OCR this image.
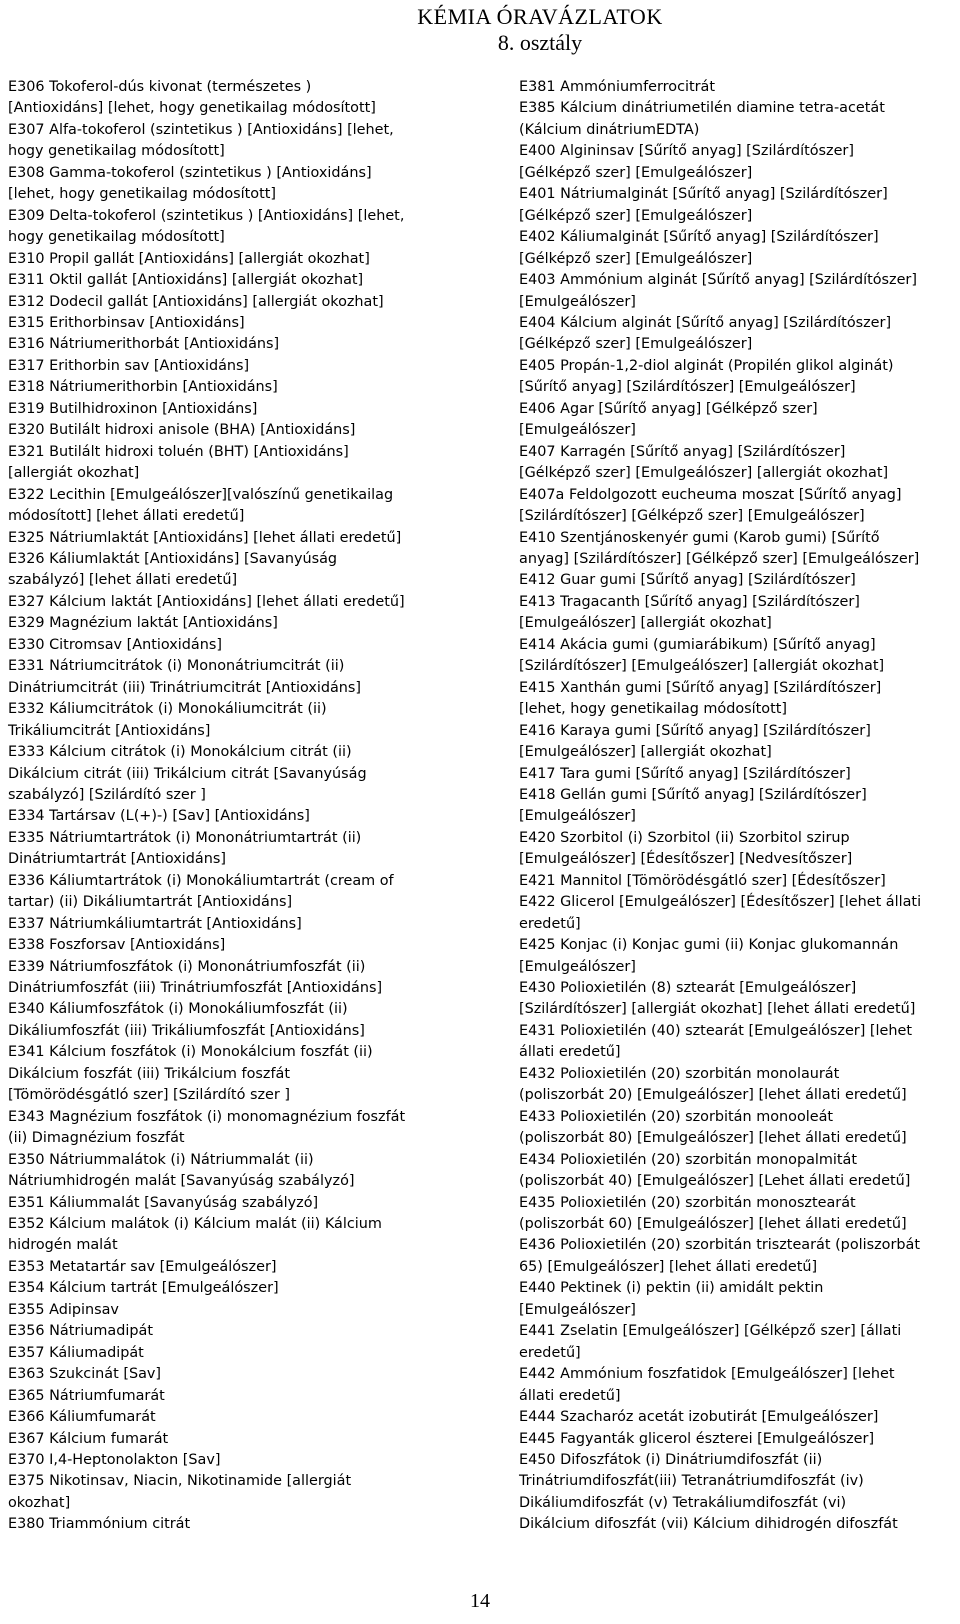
KÉMIA ÓRAVÁZLATOK
8. osztály
E306 Tokoferol-dús kivonat (természetes )
[Antioxidáns] [lehet, hogy genetikailag módosított]
E307 Alfa-tokoferol (szintetikus ) [Antioxidáns] [lehet,
hogy genetikailag módosított]
E308 Gamma-tokoferol (szintetikus ) [Antioxidáns]
[lehet, hogy genetikailag módosított]
E309 Delta-tokoferol (szintetikus ) [Antioxidáns] [lehet,
hogy genetikailag módosított]
E310 Propil gallát [Antioxidáns] [allergiát okozhat]
E311 Oktil gallát [Antioxidáns] [allergiát okozhat]
E312 Dodecil gallát [Antioxidáns] [allergiát okozhat]
E315 Erithorbinsav [Antioxidáns]
E316 Nátriumerithorbát [Antioxidáns]
E317 Erithorbin sav [Antioxidáns]
E318 Nátriumerithorbin [Antioxidáns]
E319 Butilhidroxinon [Antioxidáns]
E320 Butilált hidroxi anisole (BHA) [Antioxidáns]
E321 Butilált hidroxi toluén (BHT) [Antioxidáns]
[allergiát okozhat]
E322 Lecithin [Emulgeálószer][valószínű genetikailag
módosított] [lehet állati eredetű]
E325 Nátriumlaktát [Antioxidáns] [lehet állati eredetű]
E326 Káliumlaktát [Antioxidáns] [Savanyúság
szabályzó] [lehet állati eredetű]
E327 Kálcium laktát [Antioxidáns] [lehet állati eredetű]
E329 Magnézium laktát [Antioxidáns]
E330 Citromsav [Antioxidáns]
E331 Nátriumcitrátok (i) Mononátriumcitrát (ii)
Dinátriumcitrát (iii) Trinátriumcitrát [Antioxidáns]
E332 Káliumcitrátok (i) Monokáliumcitrát (ii)
Trikáliumcitrát [Antioxidáns]
E333 Kálcium citrátok (i) Monokálcium citrát (ii)
Dikálcium citrát (iii) Trikálcium citrát [Savanyúság
szabályzó] [Szilárdító szer ]
E334 Tartársav (L(+)-) [Sav] [Antioxidáns]
E335 Nátriumtartrátok (i) Mononátriumtartrát (ii)
Dinátriumtartrát [Antioxidáns]
E336 Káliumtartrátok (i) Monokáliumtartrát (cream of
tartar) (ii) Dikáliumtartrát [Antioxidáns]
E337 Nátriumkáliumtartrát [Antioxidáns]
E338 Foszforsav [Antioxidáns]
E339 Nátriumfoszfátok (i) Mononátriumfoszfát (ii)
Dinátriumfoszfát (iii) Trinátriumfoszfát [Antioxidáns]
E340 Káliumfoszfátok (i) Monokáliumfoszfát (ii)
Dikáliumfoszfát (iii) Trikáliumfoszfát [Antioxidáns]
E341 Kálcium foszfátok (i) Monokálcium foszfát (ii)
Dikálcium foszfát (iii) Trikálcium foszfát
[Tömörödésgátló szer] [Szilárdító szer ]
E343 Magnézium foszfátok (i) monomagnézium foszfát
(ii) Dimagnézium foszfát
E350 Nátriummalátok (i) Nátriummalát (ii)
Nátriumhidrogén malát [Savanyúság szabályzó]
E351 Káliummalát [Savanyúság szabályzó]
E352 Kálcium malátok (i) Kálcium malát (ii) Kálcium
hidrogén malát
E353 Metatartár sav [Emulgeálószer]
E354 Kálcium tartrát [Emulgeálószer]
E355 Adipinsav
E356 Nátriumadipát
E357 Káliumadipát
E363 Szukcinát [Sav]
E365 Nátriumfumarát
E366 Káliumfumarát
E367 Kálcium fumarát
E370 I,4-Heptonolakton [Sav]
E375 Nikotinsav, Niacin, Nikotinamide [allergiát
okozhat]
E380 Triammónium citrát
E381 Ammóniumferrocitrát
E385 Kálcium dinátriumetilén diamine tetra-acetát
(Kálcium dinátriumEDTA)
E400 Algininsav [Sűrítő anyag] [Szilárdítószer]
[Gélképző szer] [Emulgeálószer]
E401 Nátriumalginát [Sűrítő anyag] [Szilárdítószer]
[Gélképző szer] [Emulgeálószer]
E402 Káliumalginát [Sűrítő anyag] [Szilárdítószer]
[Gélképző szer] [Emulgeálószer]
E403 Ammónium alginát [Sűrítő anyag] [Szilárdítószer]
[Emulgeálószer]
E404 Kálcium alginát [Sűrítő anyag] [Szilárdítószer]
[Gélképző szer] [Emulgeálószer]
E405 Propán-1,2-diol alginát (Propilén glikol alginát)
[Sűrítő anyag] [Szilárdítószer] [Emulgeálószer]
E406 Agar [Sűrítő anyag] [Gélképző szer]
[Emulgeálószer]
E407 Karragén [Sűrítő anyag] [Szilárdítószer]
[Gélképző szer] [Emulgeálószer] [allergiát okozhat]
E407a Feldolgozott eucheuma moszat [Sűrítő anyag]
[Szilárdítószer] [Gélképző szer] [Emulgeálószer]
E410 Szentjánoskenyér gumi (Karob gumi) [Sűrítő
anyag] [Szilárdítószer] [Gélképző szer] [Emulgeálószer]
E412 Guar gumi [Sűrítő anyag] [Szilárdítószer]
E413 Tragacanth [Sűrítő anyag] [Szilárdítószer]
[Emulgeálószer] [allergiát okozhat]
E414 Akácia gumi (gumiarábikum) [Sűrítő anyag]
[Szilárdítószer] [Emulgeálószer] [allergiát okozhat]
E415 Xanthán gumi [Sűrítő anyag] [Szilárdítószer]
[lehet, hogy genetikailag módosított]
E416 Karaya gumi [Sűrítő anyag] [Szilárdítószer]
[Emulgeálószer] [allergiát okozhat]
E417 Tara gumi [Sűrítő anyag] [Szilárdítószer]
E418 Gellán gumi [Sűrítő anyag] [Szilárdítószer]
[Emulgeálószer]
E420 Szorbitol (i) Szorbitol (ii) Szorbitol szirup
[Emulgeálószer] [Édesítőszer] [Nedvesítőszer]
E421 Mannitol [Tömörödésgátló szer] [Édesítőszer]
E422 Glicerol [Emulgeálószer] [Édesítőszer] [lehet állati
eredetű]
E425 Konjac (i) Konjac gumi (ii) Konjac glukomannán
[Emulgeálószer]
E430 Polioxietilén (8) sztearát [Emulgeálószer]
[Szilárdítószer] [allergiát okozhat] [lehet állati eredetű]
E431 Polioxietilén (40) sztearát [Emulgeálószer] [lehet
állati eredetű]
E432 Polioxietilén (20) szorbitán monolaurát
(poliszorbát 20) [Emulgeálószer] [lehet állati eredetű]
E433 Polioxietilén (20) szorbitán monooleát
(poliszorbát 80) [Emulgeálószer] [lehet állati eredetű]
E434 Polioxietilén (20) szorbitán monopalmitát
(poliszorbát 40) [Emulgeálószer] [Lehet állati eredetű]
E435 Polioxietilén (20) szorbitán monosztearát
(poliszorbát 60) [Emulgeálószer] [lehet állati eredetű]
E436 Polioxietilén (20) szorbitán trisztearát (poliszorbát
65) [Emulgeálószer] [lehet állati eredetű]
E440 Pektinek (i) pektin (ii) amidált pektin
[Emulgeálószer]
E441 Zselatin [Emulgeálószer] [Gélképző szer] [állati
eredetű]
E442 Ammónium foszfatidok [Emulgeálószer] [lehet
állati eredetű]
E444 Szacharóz acetát izobutirát [Emulgeálószer]
E445 Fagyanták glicerol észterei [Emulgeálószer]
E450 Difoszfátok (i) Dinátriumdifoszfát (ii)
Trinátriumdifoszfát(iii) Tetranátriumdifoszfát (iv)
Dikáliumdifoszfát (v) Tetrakáliumdifoszfát (vi)
Dikálcium difoszfát (vii) Kálcium dihidrogén difoszfát
14
